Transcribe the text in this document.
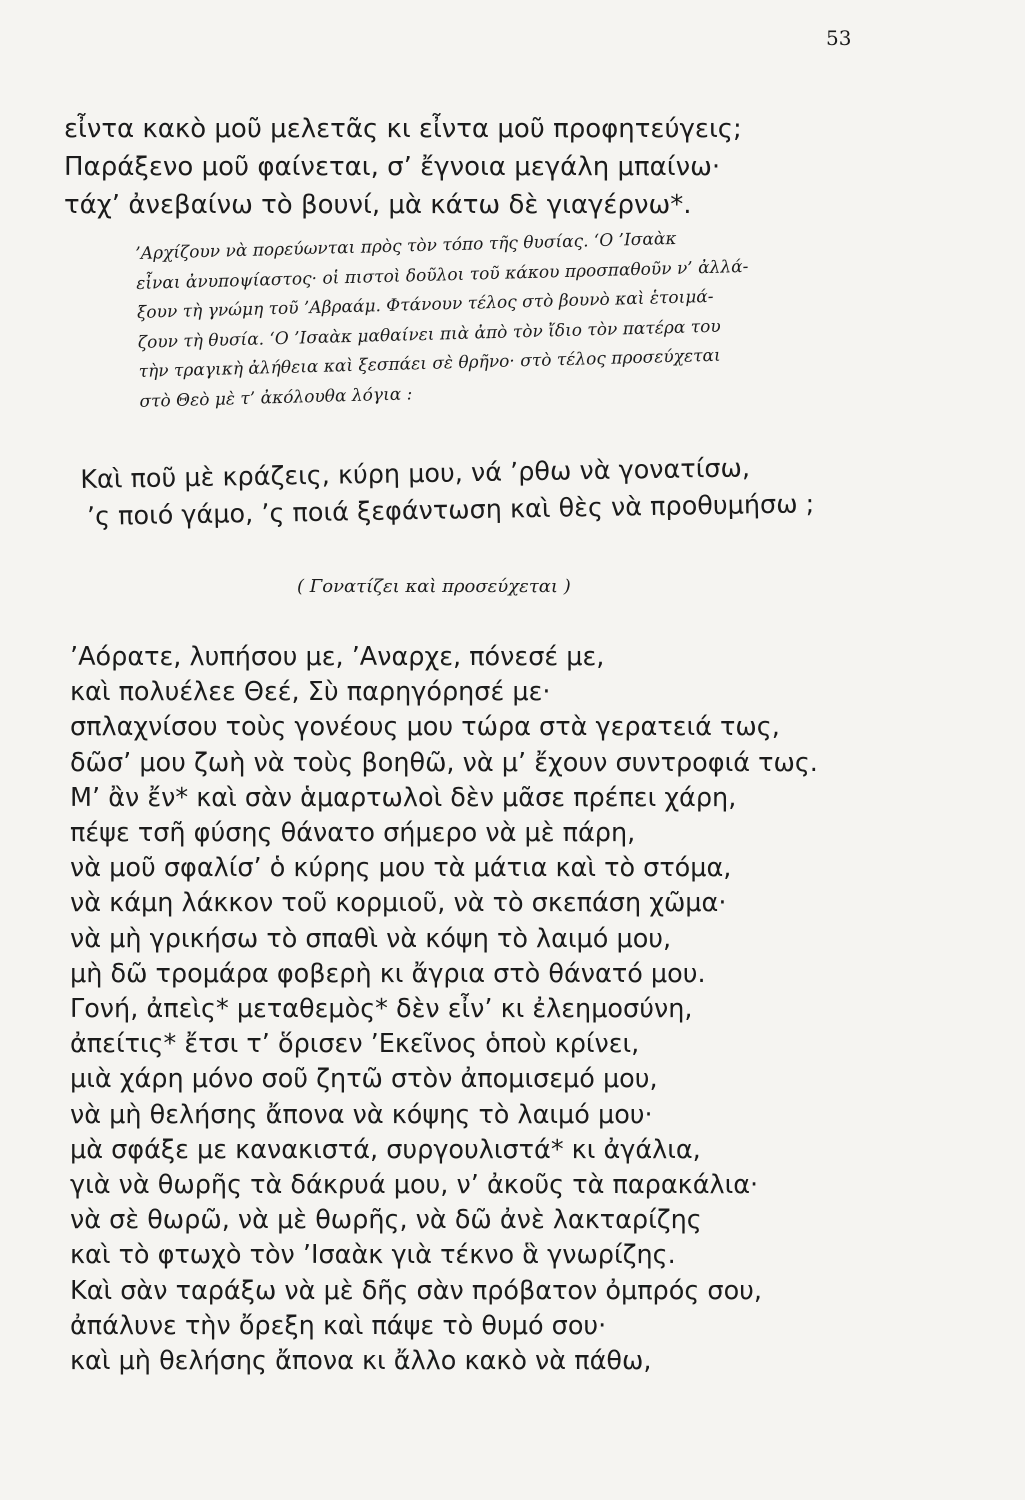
53
εἶντα κακὸ μοῦ μελετᾶς κι εἶντα μοῦ προφητεύγεις;
Παράξενο μοῦ φαίνεται, σ’ ἔγνοια μεγάλη μπαίνω·
τάχ’ ἀνεβαίνω τὸ βουνί, μὰ κάτω δὲ γιαγέρνω*.
’Αρχίζουν νὰ πορεύωνται πρὸς τὸν τόπο τῆς θυσίας. ‘Ο ’Ισαὰκ
εἶναι ἀνυποψίαστος· οἱ πιστοὶ δοῦλοι τοῦ κάκου προσπαθοῦν ν’ ἀλλά-
ξουν τὴ γνώμη τοῦ ’Αβραάμ. Φτάνουν τέλος στὸ βουνὸ καὶ ἑτοιμά-
ζουν τὴ θυσία. ‘Ο ’Ισαὰκ μαθαίνει πιὰ ἀπὸ τὸν ἴδιο τὸν πατέρα του
τὴν τραγικὴ ἀλήθεια καὶ ξεσπάει σὲ θρῆνο· στὸ τέλος προσεύχεται
στὸ Θεὸ μὲ τ’ ἀκόλουθα λόγια :
Καὶ ποῦ μὲ κράζεις, κύρη μου, νά ’ρθω νὰ γονατίσω,
’ς ποιό γάμο, ’ς ποιά ξεφάντωση καὶ θὲς νὰ προθυμήσω ;
( Γονατίζει καὶ προσεύχεται )
’Αόρατε, λυπήσου με, ’Αναρχε, πόνεσέ με,
καὶ πολυέλεε Θεέ, Σὺ παρηγόρησέ με·
σπλαχνίσου τοὺς γονέους μου τώρα στὰ γερατειά τως,
δῶσ’ μου ζωὴ νὰ τοὺς βοηθῶ, νὰ μ’ ἔχουν συντροφιά τως.
Μ’ ἂν ἔν* καὶ σὰν ἁμαρτωλοὶ δὲν μᾶσε πρέπει χάρη,
πέψε τσῆ φύσης θάνατο σήμερο νὰ μὲ πάρη,
νὰ μοῦ σφαλίσ’ ὁ κύρης μου τὰ μάτια καὶ τὸ στόμα,
νὰ κάμη λάκκον τοῦ κορμιοῦ, νὰ τὸ σκεπάση χῶμα·
νὰ μὴ γρικήσω τὸ σπαθὶ νὰ κόψη τὸ λαιμό μου,
μὴ δῶ τρομάρα φοβερὴ κι ἄγρια στὸ θάνατό μου.
Γονή, ἀπεὶς* μεταθεμὸς* δὲν εἶν’ κι ἐλεημοσύνη,
ἀπείτις* ἔτσι τ’ ὅρισεν ’Εκεῖνος ὁποὺ κρίνει,
μιὰ χάρη μόνο σοῦ ζητῶ στὸν ἀπομισεμό μου,
νὰ μὴ θελήσης ἄπονα νὰ κόψης τὸ λαιμό μου·
μὰ σφάξε με κανακιστά, συργουλιστά* κι ἀγάλια,
γιὰ νὰ θωρῆς τὰ δάκρυά μου, ν’ ἀκοῦς τὰ παρακάλια·
νὰ σὲ θωρῶ, νὰ μὲ θωρῆς, νὰ δῶ ἀνὲ λακταρίζης
καὶ τὸ φτωχὸ τὸν ’Ισαὰκ γιὰ τέκνο ἃ γνωρίζης.
Καὶ σὰν ταράξω νὰ μὲ δῆς σὰν πρόβατον ὀμπρός σου,
ἀπάλυνε τὴν ὄρεξη καὶ πάψε τὸ θυμό σου·
καὶ μὴ θελήσης ἄπονα κι ἄλλο κακὸ νὰ πάθω,
